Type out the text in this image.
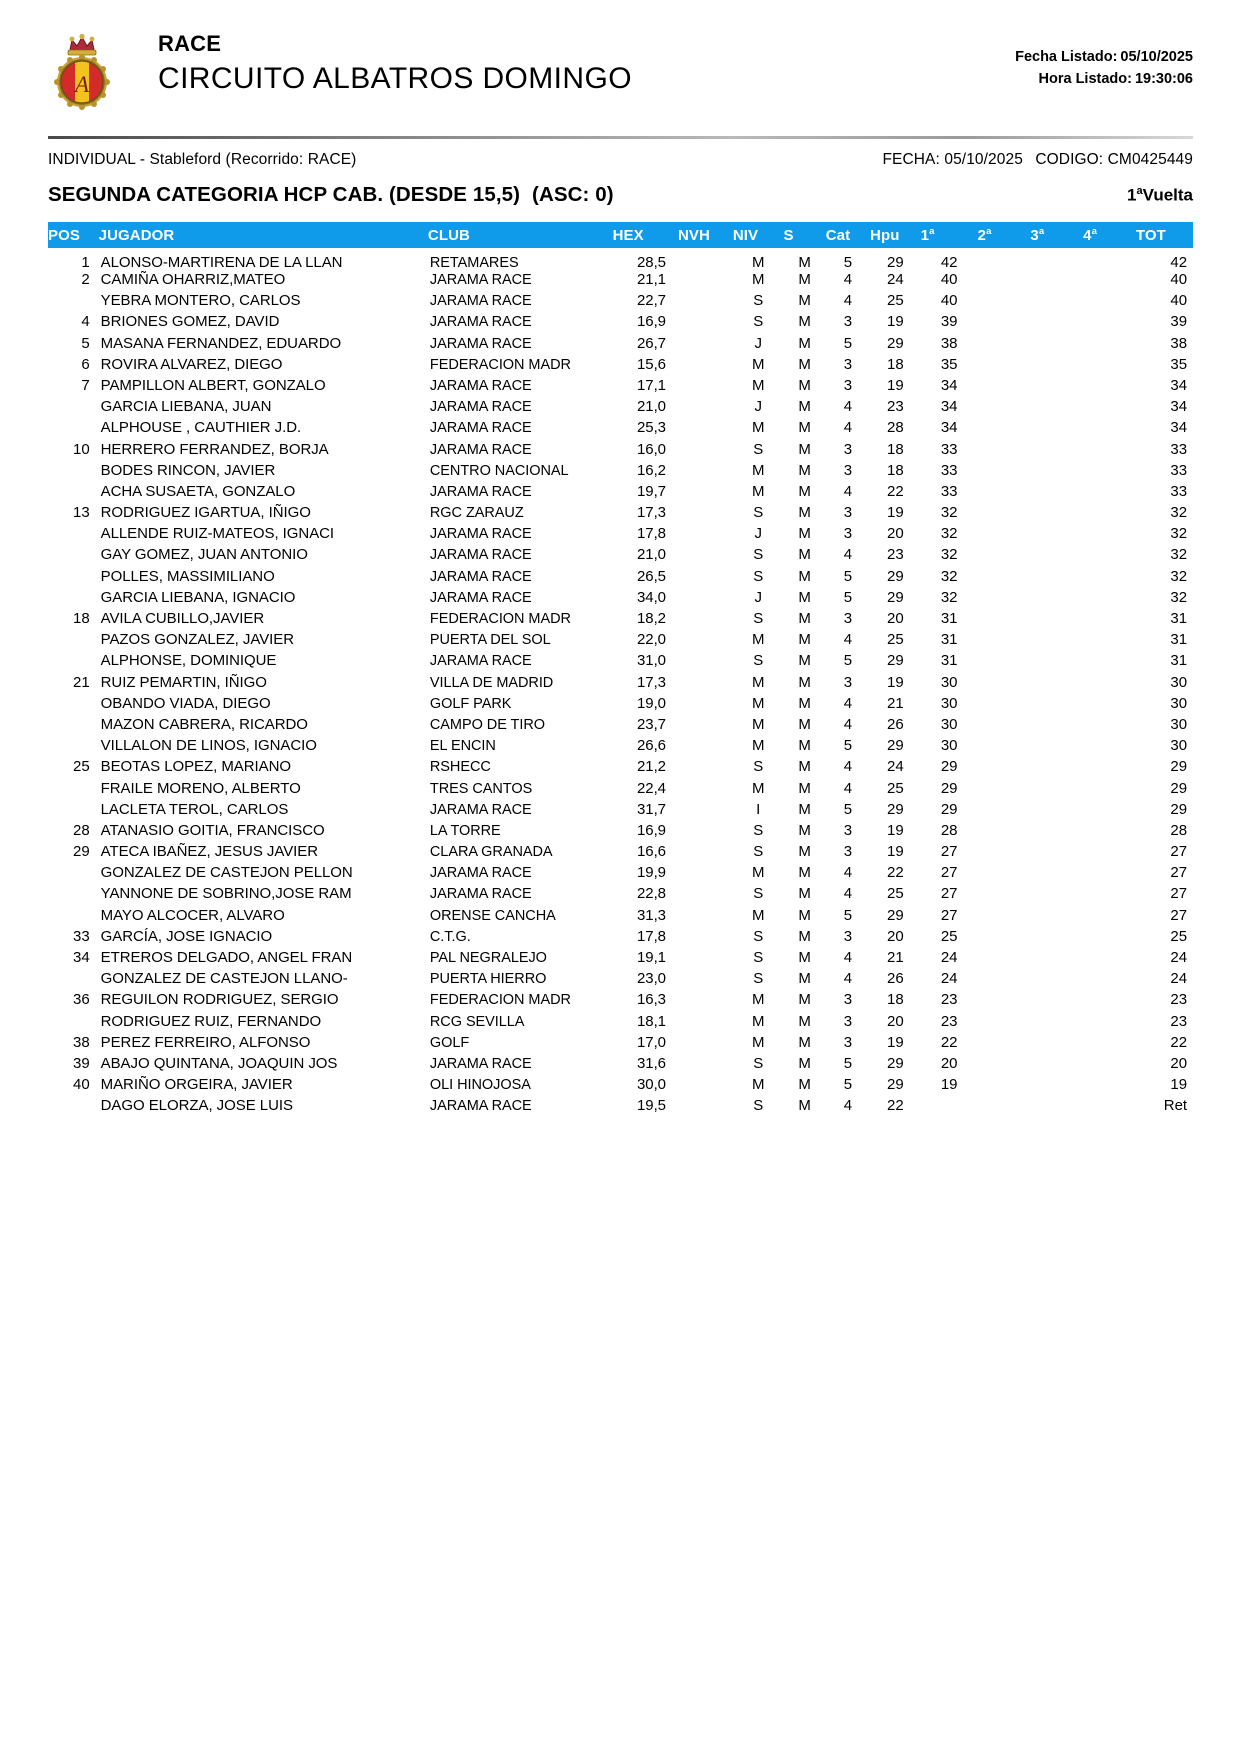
A
RACE
CIRCUITO ALBATROS DOMINGO
Fecha Listado: 05/10/2025
Hora Listado: 19:30:06
INDIVIDUAL - Stableford (Recorrido: RACE)	FECHA: 05/10/2025 CODIGO: CM0425449
SEGUNDA CATEGORIA HCP CAB. (DESDE 15,5) (ASC: 0)	1$^a$Vuelta
POS	JUGADOR	CLUB	HEX	NVH	NIV	S	Cat	Hpu	1$^a$	2$^a$	3$^a$	4$^a$	TOT
1	ALONSO-MARTIRENA DE LA LLAN	RETAMARES	28,5		M	M	5	29	42				42
2	CAMIÑA OHARRIZ,MATEO	JARAMA RACE	21,1		M	M	4	24	40				40
	YEBRA MONTERO, CARLOS	JARAMA RACE	22,7		S	M	4	25	40				40
4	BRIONES GOMEZ, DAVID	JARAMA RACE	16,9		S	M	3	19	39				39
5	MASANA FERNANDEZ, EDUARDO	JARAMA RACE	26,7		J	M	5	29	38				38
6	ROVIRA ALVAREZ, DIEGO	FEDERACION MADR	15,6		M	M	3	18	35				35
7	PAMPILLON ALBERT, GONZALO	JARAMA RACE	17,1		M	M	3	19	34				34
	GARCIA LIEBANA, JUAN	JARAMA RACE	21,0		J	M	4	23	34				34
	ALPHOUSE , CAUTHIER J.D.	JARAMA RACE	25,3		M	M	4	28	34				34
10	HERRERO FERRANDEZ, BORJA	JARAMA RACE	16,0		S	M	3	18	33				33
	BODES RINCON, JAVIER	CENTRO NACIONAL	16,2		M	M	3	18	33				33
	ACHA SUSAETA, GONZALO	JARAMA RACE	19,7		M	M	4	22	33				33
13	RODRIGUEZ IGARTUA, IÑIGO	RGC ZARAUZ	17,3		S	M	3	19	32				32
	ALLENDE RUIZ-MATEOS, IGNACI	JARAMA RACE	17,8		J	M	3	20	32				32
	GAY GOMEZ, JUAN ANTONIO	JARAMA RACE	21,0		S	M	4	23	32				32
	POLLES, MASSIMILIANO	JARAMA RACE	26,5		S	M	5	29	32				32
	GARCIA LIEBANA, IGNACIO	JARAMA RACE	34,0		J	M	5	29	32				32
18	AVILA CUBILLO,JAVIER	FEDERACION MADR	18,2		S	M	3	20	31				31
	PAZOS GONZALEZ, JAVIER	PUERTA DEL SOL	22,0		M	M	4	25	31				31
	ALPHONSE, DOMINIQUE	JARAMA RACE	31,0		S	M	5	29	31				31
21	RUIZ PEMARTIN, IÑIGO	VILLA DE MADRID	17,3		M	M	3	19	30				30
	OBANDO VIADA, DIEGO	GOLF PARK	19,0		M	M	4	21	30				30
	MAZON CABRERA, RICARDO	CAMPO DE TIRO	23,7		M	M	4	26	30				30
	VILLALON DE LINOS, IGNACIO	EL ENCIN	26,6		M	M	5	29	30				30
25	BEOTAS LOPEZ, MARIANO	RSHECC	21,2		S	M	4	24	29				29
	FRAILE MORENO, ALBERTO	TRES CANTOS	22,4		M	M	4	25	29				29
	LACLETA TEROL, CARLOS	JARAMA RACE	31,7		I	M	5	29	29				29
28	ATANASIO GOITIA, FRANCISCO	LA TORRE	16,9		S	M	3	19	28				28
29	ATECA IBAÑEZ, JESUS JAVIER	CLARA GRANADA	16,6		S	M	3	19	27				27
	GONZALEZ DE CASTEJON PELLON	JARAMA RACE	19,9		M	M	4	22	27				27
	YANNONE DE SOBRINO,JOSE RAM	JARAMA RACE	22,8		S	M	4	25	27				27
	MAYO ALCOCER, ALVARO	ORENSE CANCHA	31,3		M	M	5	29	27				27
33	GARCÍA, JOSE IGNACIO	C.T.G.	17,8		S	M	3	20	25				25
34	ETREROS DELGADO, ANGEL FRAN	PAL NEGRALEJO	19,1		S	M	4	21	24				24
	GONZALEZ DE CASTEJON LLANO-	PUERTA HIERRO	23,0		S	M	4	26	24				24
36	REGUILON RODRIGUEZ, SERGIO	FEDERACION MADR	16,3		M	M	3	18	23				23
	RODRIGUEZ RUIZ, FERNANDO	RCG SEVILLA	18,1		M	M	3	20	23				23
38	PEREZ FERREIRO, ALFONSO	GOLF	17,0		M	M	3	19	22				22
39	ABAJO QUINTANA, JOAQUIN JOS	JARAMA RACE	31,6		S	M	5	29	20				20
40	MARIÑO ORGEIRA, JAVIER	OLI HINOJOSA	30,0		M	M	5	29	19				19
	DAGO ELORZA, JOSE LUIS	JARAMA RACE	19,5		S	M	4	22					Ret
